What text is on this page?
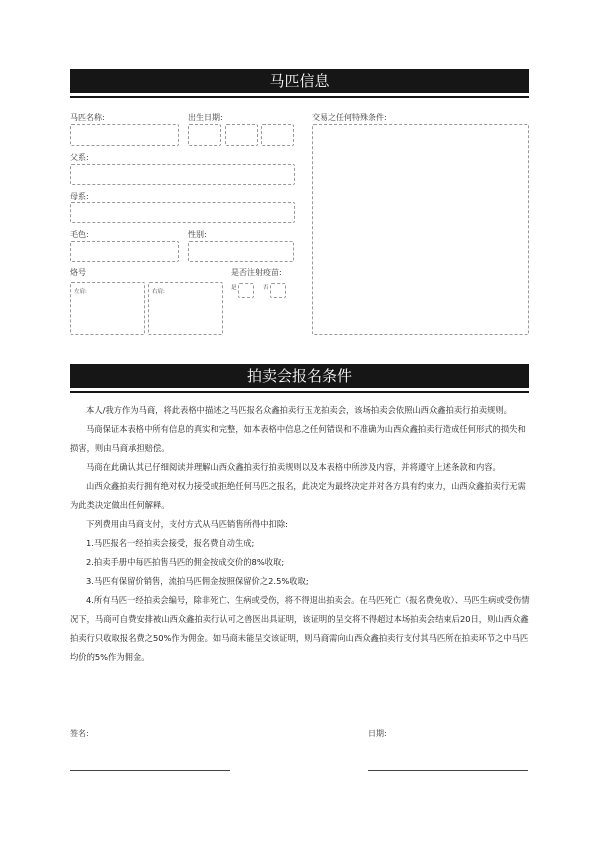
马匹信息
马匹名称:	出生日期:	交易之任何特殊条件:
父系:
母系:
毛色:	性别:
烙号
左肩:	右肩:
是否注射疫苗:
是	否
拍卖会报名条件

本人/我方作为马商，将此表格中描述之马匹报名众鑫拍卖行玉龙拍卖会，该场拍卖会依照山西众鑫拍卖行拍卖规则。

马商保证本表格中所有信息的真实和完整，如本表格中信息之任何错误和不准确为山西众鑫拍卖行造成任何形式的损失和损害，则由马商承担赔偿。

马商在此确认其已仔细阅读并理解山西众鑫拍卖行拍卖规则以及本表格中所涉及内容，并将遵守上述条款和内容。

山西众鑫拍卖行拥有绝对权力接受或拒绝任何马匹之报名，此决定为最终决定并对各方具有约束力，山西众鑫拍卖行无需为此类决定做出任何解释。

下列费用由马商支付，支付方式从马匹销售所得中扣除:

1.马匹报名一经拍卖会接受，报名费自动生成;

2.拍卖手册中每匹拍售马匹的佣金按成交价的8%收取;

3.马匹有保留价销售，流拍马匹佣金按照保留价之2.5%收取;

4.所有马匹一经拍卖会编号，除非死亡、生病或受伤，将不得退出拍卖会。在马匹死亡（报名费免收）、马匹生病或受伤情况下，马商可自费安排被山西众鑫拍卖行认可之兽医出具证明，该证明的呈交将不得超过本场拍卖会结束后20日，则山西众鑫拍卖行只收取报名费之50%作为佣金。如马商未能呈交该证明，则马商需向山西众鑫拍卖行支付其马匹所在拍卖环节之中马匹均价的5%作为佣金。

签名:	日期:
